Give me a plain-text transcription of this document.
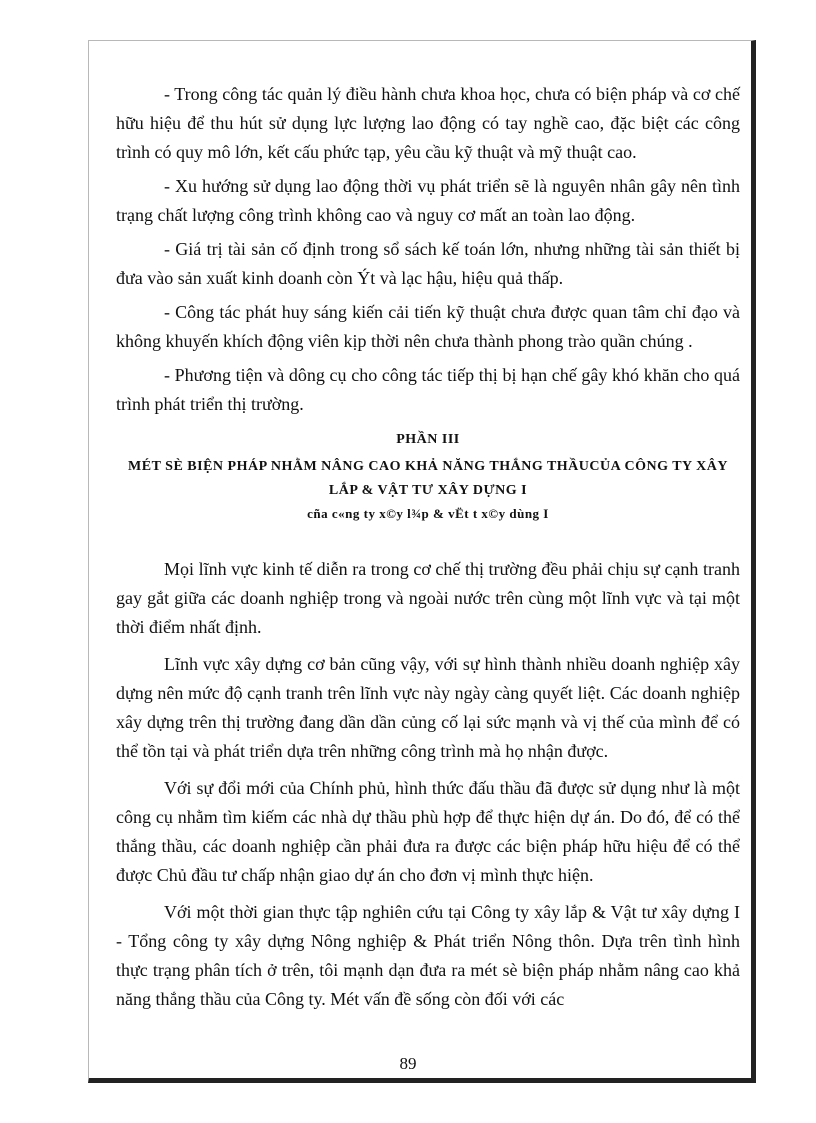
- Trong công tác quản lý điều hành chưa khoa học, chưa có biện pháp và cơ chế hữu hiệu để thu hút sử dụng lực lượng lao động có tay nghề cao, đặc biệt các công trình có quy mô lớn, kết cấu phức tạp, yêu cầu kỹ thuật và mỹ thuật cao.

- Xu hướng sử dụng lao động thời vụ phát triển sẽ là nguyên nhân gây nên tình trạng chất lượng công trình không cao và nguy cơ mất an toàn lao động.

- Giá trị tài sản cố định trong sổ sách kế toán lớn, nhưng những tài sản thiết bị đưa vào sản xuất kinh doanh còn Ýt và lạc hậu, hiệu quả thấp.

- Công tác phát huy sáng kiến cải tiến kỹ thuật chưa được quan tâm chỉ đạo và không khuyến khích động viên kịp thời nên chưa thành phong trào quần chúng .

- Phương tiện và dông cụ cho công tác tiếp thị bị hạn chế gây khó khăn cho quá trình phát triển thị trường.

PHẦN III

MÉT SÈ BIỆN PHÁP NHẰM NÂNG CAO KHẢ NĂNG THẮNG THẦUCỦA CÔNG TY XÂY LẮP & VẬT TƯ XÂY DỰNG I

cña c«ng ty x©y l¾p & vËt t x©y dùng I

Mọi lĩnh vực kinh tế diễn ra trong cơ chế thị trường đều phải chịu sự cạnh tranh gay gắt giữa các doanh nghiệp trong và ngoài nước trên cùng một lĩnh vực và tại một thời điểm nhất định.

Lĩnh vực xây dựng cơ bản cũng vậy, với sự hình thành nhiều doanh nghiệp xây dựng nên mức độ cạnh tranh trên lĩnh vực này ngày càng quyết liệt. Các doanh nghiệp xây dựng trên thị trường đang dần dần củng cố lại sức mạnh và vị thế của mình để có thể tồn tại và phát triển dựa trên những công trình mà họ nhận được.

Với sự đổi mới của Chính phủ, hình thức đấu thầu đã được sử dụng như là một công cụ nhằm tìm kiếm các nhà dự thầu phù hợp để thực hiện dự án. Do đó, để có thể thắng thầu, các doanh nghiệp cần phải đưa ra được các biện pháp hữu hiệu để có thể được Chủ đầu tư chấp nhận giao dự án cho đơn vị mình thực hiện.

Với một thời gian thực tập nghiên cứu tại Công ty xây lắp & Vật tư xây dựng I - Tổng công ty xây dựng Nông nghiệp & Phát triển Nông thôn. Dựa trên tình hình thực trạng phân tích ở trên, tôi mạnh dạn đưa ra mét sè biện pháp nhằm nâng cao khả năng thắng thầu của Công ty. Mét vấn đề sống còn đối với các

89
